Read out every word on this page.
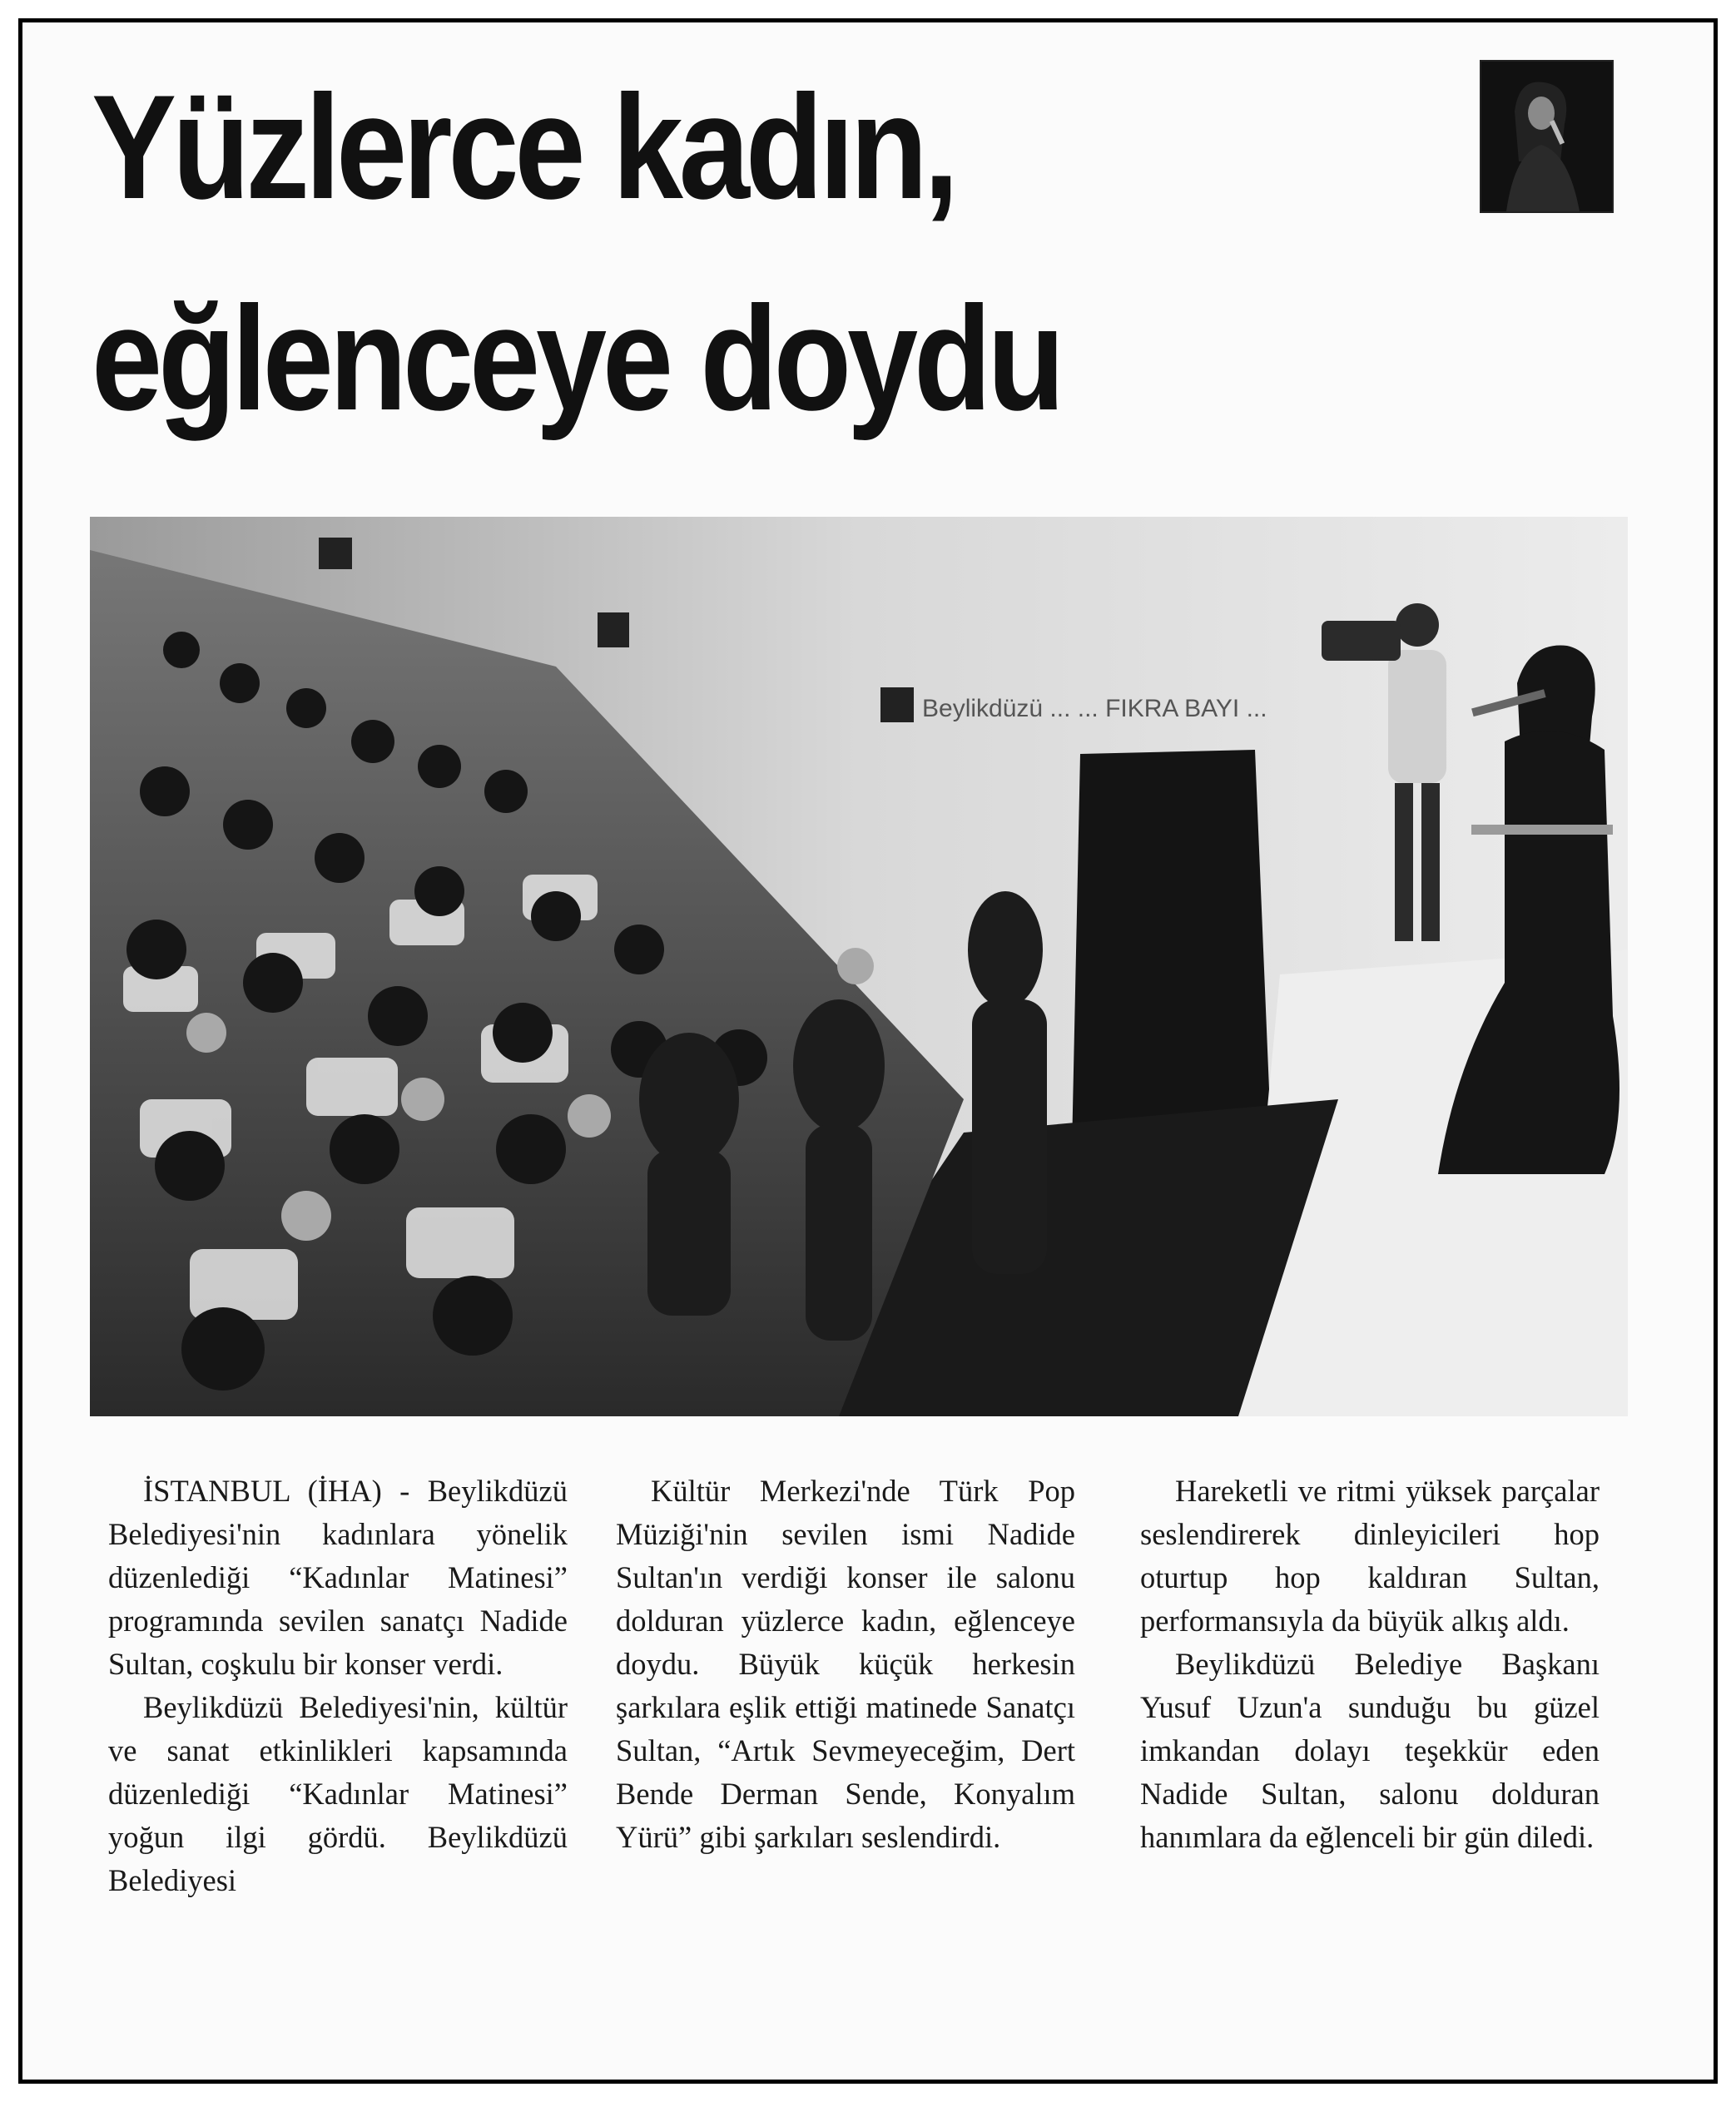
Yüzlerce kadın,
eğlenceye doydu
Beylikdüzü ... ... FIKRA BAYI ...

İSTANBUL (İHA) - Beylikdüzü Belediyesi'nin kadınlara yönelik düzenlediği “Kadınlar Matinesi” programında sevilen sanatçı Nadide Sultan, coşkulu bir konser verdi.

Beylikdüzü Belediyesi'nin, kültür ve sanat etkinlikleri kapsamında düzenlediği “Kadınlar Matinesi” yoğun ilgi gördü. Beylikdüzü Belediyesi

Kültür Merkezi'nde Türk Pop Müziği'nin sevilen ismi Nadide Sultan'ın verdiği konser ile salonu dolduran yüzlerce kadın, eğlenceye doydu. Büyük küçük herkesin şarkılara eşlik ettiği matinede Sanatçı Sultan, “Artık Sevmeyeceğim, Dert Bende Derman Sende, Konyalım Yürü” gibi şarkıları seslendirdi.

Hareketli ve ritmi yüksek parçalar seslendirerek dinleyicileri hop oturtup hop kaldıran Sultan, performansıyla da büyük alkış aldı.

Beylikdüzü Belediye Başkanı Yusuf Uzun'a sunduğu bu güzel imkandan dolayı teşekkür eden Nadide Sultan, salonu dolduran hanımlara da eğlenceli bir gün diledi.
